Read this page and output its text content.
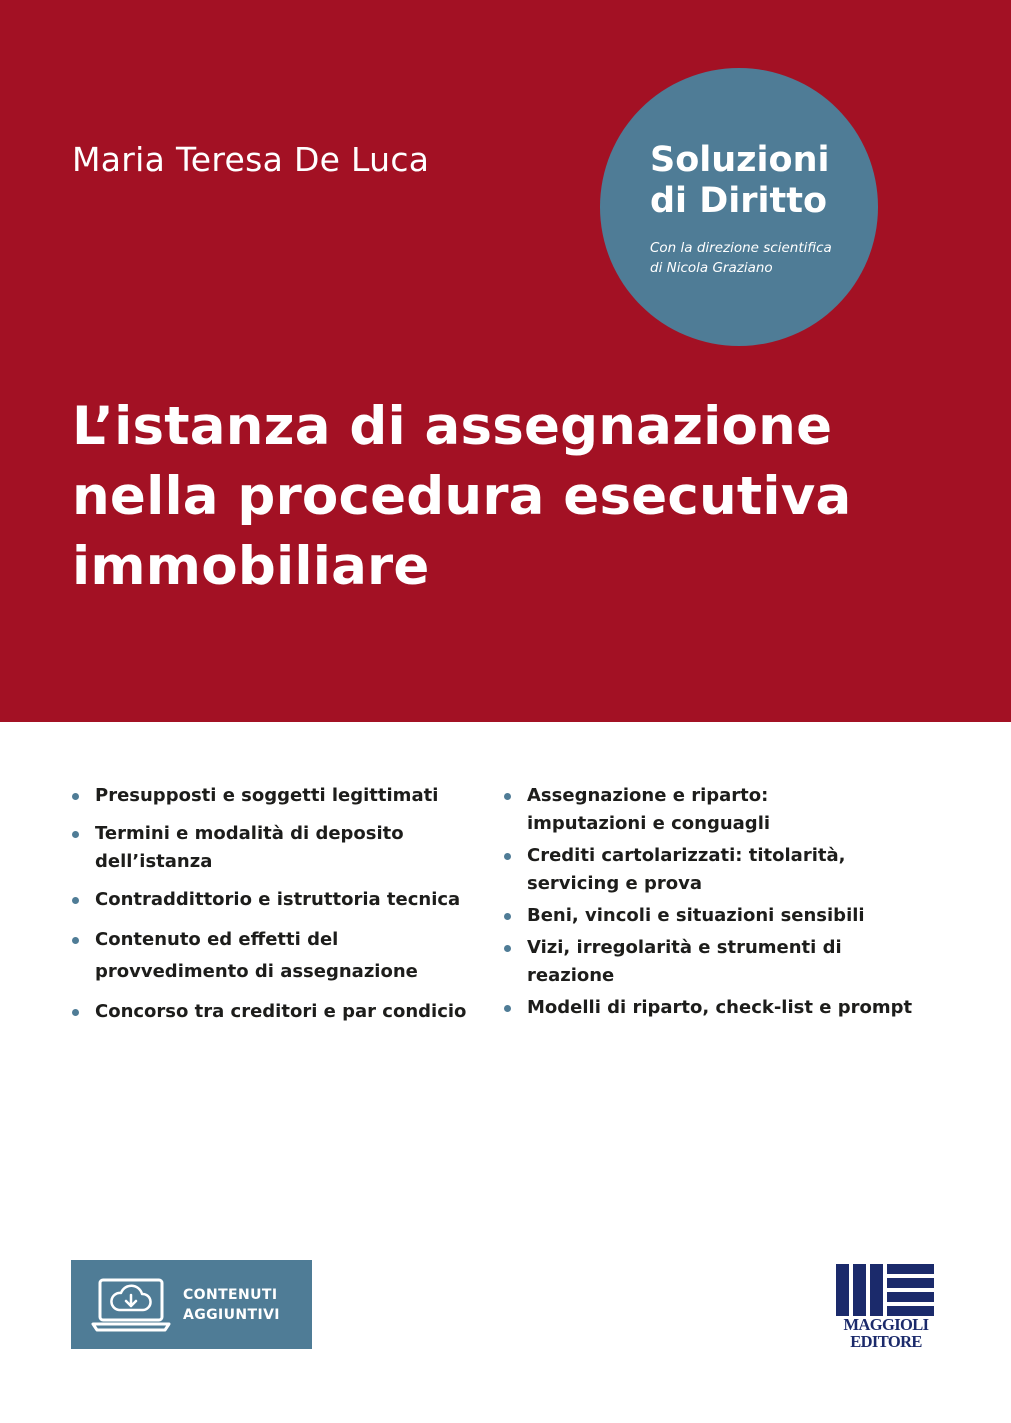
Maria Teresa De Luca	Soluzioni
di Diritto
Con la direzione scientifica
di Nicola Graziano
L’istanza di assegnazione
nella procedura esecutiva
immobiliare
Presupposti e soggetti legittimati
Termini e modalità di deposito dell’istanza
Contraddittorio e istruttoria tecnica
Contenuto ed effetti del provvedimento di assegnazione
Concorso tra creditori e par condicio
Assegnazione e riparto: imputazioni e conguagli
Crediti cartolarizzati: titolarità, servicing e prova
Beni, vincoli e situazioni sensibili
Vizi, irregolarità e strumenti di reazione
Modelli di riparto, check-list e prompt
CONTENUTI
AGGIUNTIVI	MAGGIOLI
EDITORE
